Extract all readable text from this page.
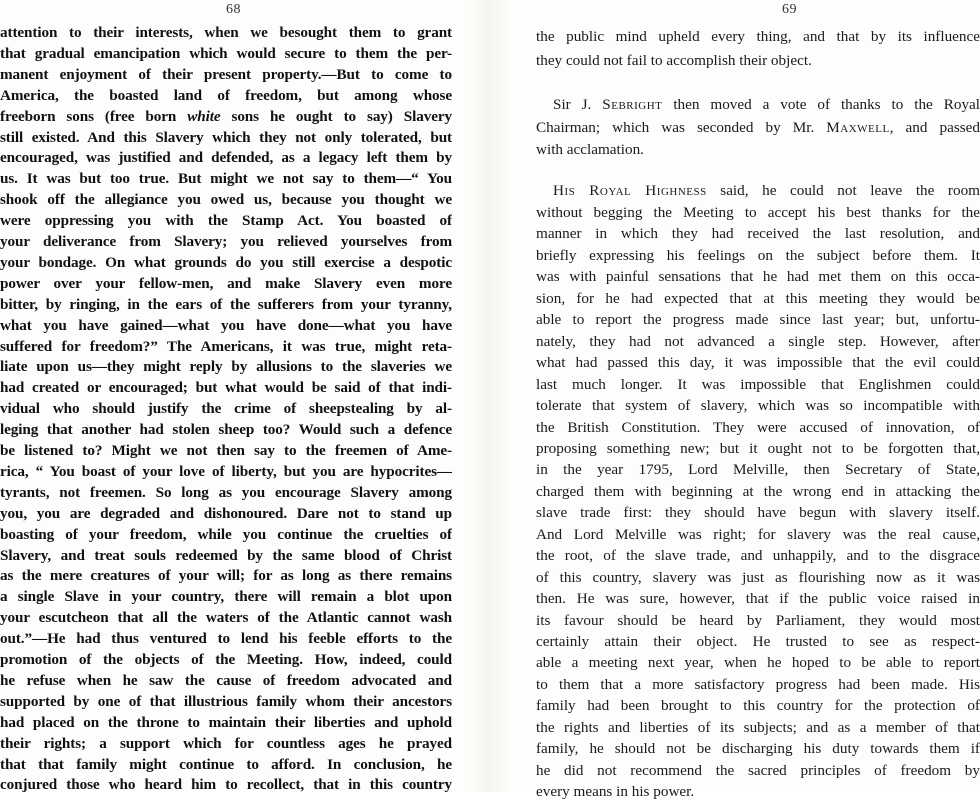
68
attention to their interests, when we besought them to grant
that gradual emancipation which would secure to them the per-
manent enjoyment of their present property.—But to come to
America, the boasted land of freedom, but among whose
freeborn sons (free born white sons he ought to say) Slavery
still existed. And this Slavery which they not only tolerated, but
encouraged, was justified and defended, as a legacy left them by
us. It was but too true. But might we not say to them—“ You
shook off the allegiance you owed us, because you thought we
were oppressing you with the Stamp Act. You boasted of
your deliverance from Slavery; you relieved yourselves from
your bondage. On what grounds do you still exercise a despotic
power over your fellow-men, and make Slavery even more
bitter, by ringing, in the ears of the sufferers from your tyranny,
what you have gained—what you have done—what you have
suffered for freedom?” The Americans, it was true, might reta-
liate upon us—they might reply by allusions to the slaveries we
had created or encouraged; but what would be said of that indi-
vidual who should justify the crime of sheepstealing by al-
leging that another had stolen sheep too? Would such a defence
be listened to? Might we not then say to the freemen of Ame-
rica, “ You boast of your love of liberty, but you are hypocrites—
tyrants, not freemen. So long as you encourage Slavery among
you, you are degraded and dishonoured. Dare not to stand up
boasting of your freedom, while you continue the cruelties of
Slavery, and treat souls redeemed by the same blood of Christ
as the mere creatures of your will; for as long as there remains
a single Slave in your country, there will remain a blot upon
your escutcheon that all the waters of the Atlantic cannot wash
out.”—He had thus ventured to lend his feeble efforts to the
promotion of the objects of the Meeting. How, indeed, could
he refuse when he saw the cause of freedom advocated and
supported by one of that illustrious family whom their ancestors
had placed on the throne to maintain their liberties and uphold
their rights; a support which for countless ages he prayed
that that family might continue to afford. In conclusion, he
conjured those who heard him to recollect, that in this country
69
the public mind upheld every thing, and that by its influence
they could not fail to accomplish their object.
Sir J. Sebright then moved a vote of thanks to the Royal
Chairman; which was seconded by Mr. Maxwell, and passed
with acclamation.
His Royal Highness said, he could not leave the room
without begging the Meeting to accept his best thanks for the
manner in which they had received the last resolution, and
briefly expressing his feelings on the subject before them. It
was with painful sensations that he had met them on this occa-
sion, for he had expected that at this meeting they would be
able to report the progress made since last year; but, unfortu-
nately, they had not advanced a single step. However, after
what had passed this day, it was impossible that the evil could
last much longer. It was impossible that Englishmen could
tolerate that system of slavery, which was so incompatible with
the British Constitution. They were accused of innovation, of
proposing something new; but it ought not to be forgotten that,
in the year 1795, Lord Melville, then Secretary of State,
charged them with beginning at the wrong end in attacking the
slave trade first: they should have begun with slavery itself.
And Lord Melville was right; for slavery was the real cause,
the root, of the slave trade, and unhappily, and to the disgrace
of this country, slavery was just as flourishing now as it was
then. He was sure, however, that if the public voice raised in
its favour should be heard by Parliament, they would most
certainly attain their object. He trusted to see as respect-
able a meeting next year, when he hoped to be able to report
to them that a more satisfactory progress had been made. His
family had been brought to this country for the protection of
the rights and liberties of its subjects; and as a member of that
family, he should not be discharging his duty towards them if
he did not recommend the sacred principles of freedom by
every means in his power.
